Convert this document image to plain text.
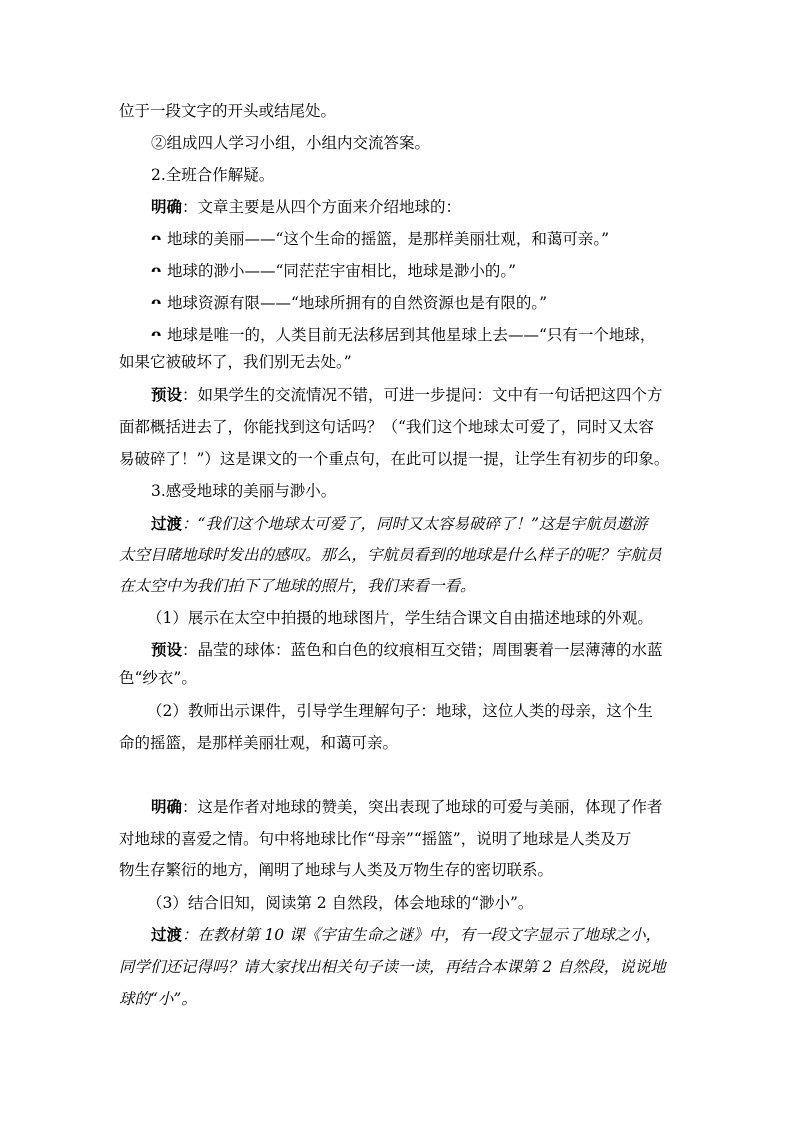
位于一段文字的开头或结尾处。
②组成四人学习小组，小组内交流答案。
2.全班合作解疑。
明确：文章主要是从四个方面来介绍地球的：
ᴖ 地球的美丽——“这个生命的摇篮，是那样美丽壮观，和蔼可亲。”
ᴖ 地球的渺小——“同茫茫宇宙相比，地球是渺小的。”
ᴖ 地球资源有限——“地球所拥有的自然资源也是有限的。”
ᴖ 地球是唯一的，人类目前无法移居到其他星球上去——“只有一个地球，
如果它被破坏了，我们别无去处。”
预设：如果学生的交流情况不错，可进一步提问：文中有一句话把这四个方
面都概括进去了，你能找到这句话吗？（“我们这个地球太可爱了，同时又太容
易破碎了！”）这是课文的一个重点句，在此可以提一提，让学生有初步的印象。
3.感受地球的美丽与渺小。
过渡：“我们这个地球太可爱了，同时又太容易破碎了！”这是宇航员遨游
太空目睹地球时发出的感叹。那么，宇航员看到的地球是什么样子的呢？宇航员
在太空中为我们拍下了地球的照片，我们来看一看。
（1）展示在太空中拍摄的地球图片，学生结合课文自由描述地球的外观。
预设：晶莹的球体：蓝色和白色的纹痕相互交错；周围裹着一层薄薄的水蓝
色“纱衣”。
（2）教师出示课件，引导学生理解句子：地球，这位人类的母亲，这个生
命的摇篮，是那样美丽壮观，和蔼可亲。
明确：这是作者对地球的赞美，突出表现了地球的可爱与美丽，体现了作者
对地球的喜爱之情。句中将地球比作“母亲”“摇篮”，说明了地球是人类及万
物生存繁衍的地方，阐明了地球与人类及万物生存的密切联系。
（3）结合旧知，阅读第 2 自然段，体会地球的“渺小”。
过渡：在教材第 10 课《宇宙生命之谜》中，有一段文字显示了地球之小，
同学们还记得吗？请大家找出相关句子读一读，再结合本课第 2 自然段，说说地
球的“小”。
